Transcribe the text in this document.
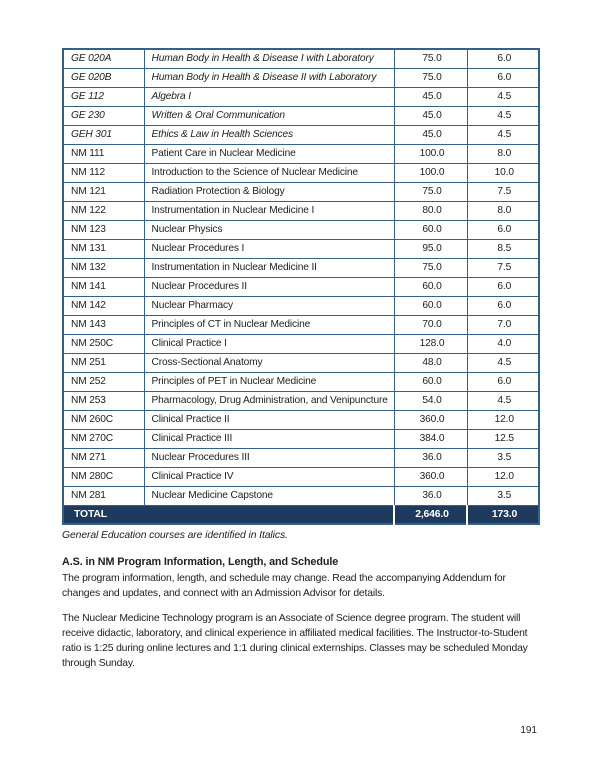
GE 020A	Human Body in Health & Disease I with Laboratory	75.0	6.0
GE 020B	Human Body in Health & Disease II with Laboratory	75.0	6.0
GE 112	Algebra I	45.0	4.5
GE 230	Written & Oral Communication	45.0	4.5
GEH 301	Ethics & Law in Health Sciences	45.0	4.5
NM 111	Patient Care in Nuclear Medicine	100.0	8.0
NM 112	Introduction to the Science of Nuclear Medicine	100.0	10.0
NM 121	Radiation Protection & Biology	75.0	7.5
NM 122	Instrumentation in Nuclear Medicine I	80.0	8.0
NM 123	Nuclear Physics	60.0	6.0
NM 131	Nuclear Procedures I	95.0	8.5
NM 132	Instrumentation in Nuclear Medicine II	75.0	7.5
NM 141	Nuclear Procedures II	60.0	6.0
NM 142	Nuclear Pharmacy	60.0	6.0
NM 143	Principles of CT in Nuclear Medicine	70.0	7.0
NM 250C	Clinical Practice I	128.0	4.0
NM 251	Cross-Sectional Anatomy	48.0	4.5
NM 252	Principles of PET in Nuclear Medicine	60.0	6.0
NM 253	Pharmacology, Drug Administration, and Venipuncture	54.0	4.5
NM 260C	Clinical Practice II	360.0	12.0
NM 270C	Clinical Practice III	384.0	12.5
NM 271	Nuclear Procedures III	36.0	3.5
NM 280C	Clinical Practice IV	360.0	12.0
NM 281	Nuclear Medicine Capstone	36.0	3.5
TOTAL		2,646.0	173.0
General Education courses are identified in Italics.
A.S. in NM Program Information, Length, and Schedule
The program information, length, and schedule may change. Read the accompanying Addendum for changes and updates, and connect with an Admission Advisor for details.
The Nuclear Medicine Technology program is an Associate of Science degree program. The student will receive didactic, laboratory, and clinical experience in affiliated medical facilities. The Instructor-to-Student ratio is 1:25 during online lectures and 1:1 during clinical externships. Classes may be scheduled Monday through Sunday.
191
